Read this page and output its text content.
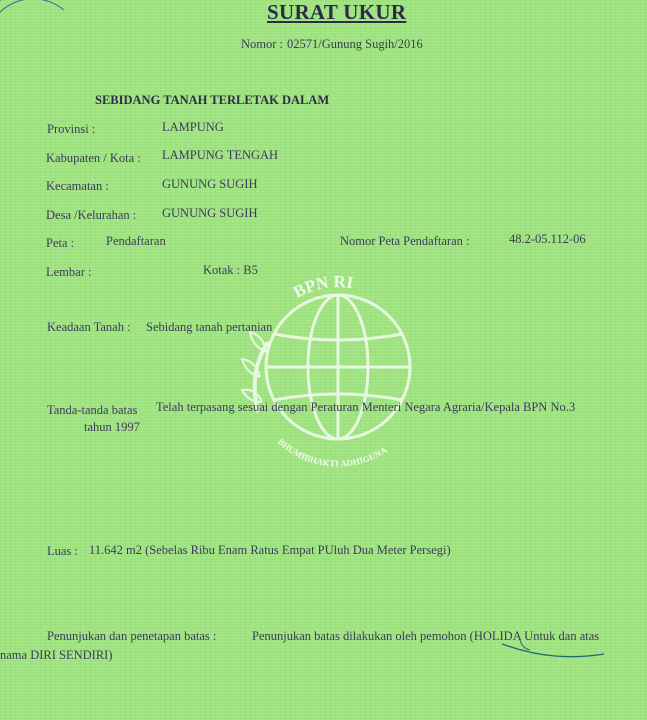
BPN RI
BHUMIBHAKTI ADHIGUNA
SURAT UKUR
Nomor : 02571/Gunung Sugih/2016
SEBIDANG TANAH TERLETAK DALAM
Provinsi :	LAMPUNG
Kabupaten / Kota : LAMPUNG TENGAH
Kecamatan :	GUNUNG SUGIH
Desa /Kelurahan : GUNUNG SUGIH
Peta :	Pendaftaran	Nomor Peta Pendaftaran :	48.2-05.112-06
Lembar :	Kotak : B5
Keadaan Tanah : Sebidang tanah pertanian
Tanda-tanda batas Telah terpasang sesuai dengan Peraturan Menteri Negara Agraria/Kepala BPN No.3
tahun 1997
Luas : 11.642 m2 (Sebelas Ribu Enam Ratus Empat PUluh Dua Meter Persegi)
Penunjukan dan penetapan batas :	Penunjukan batas dilakukan oleh pemohon (HOLIDA Untuk dan atas
nama DIRI SENDIRI)
